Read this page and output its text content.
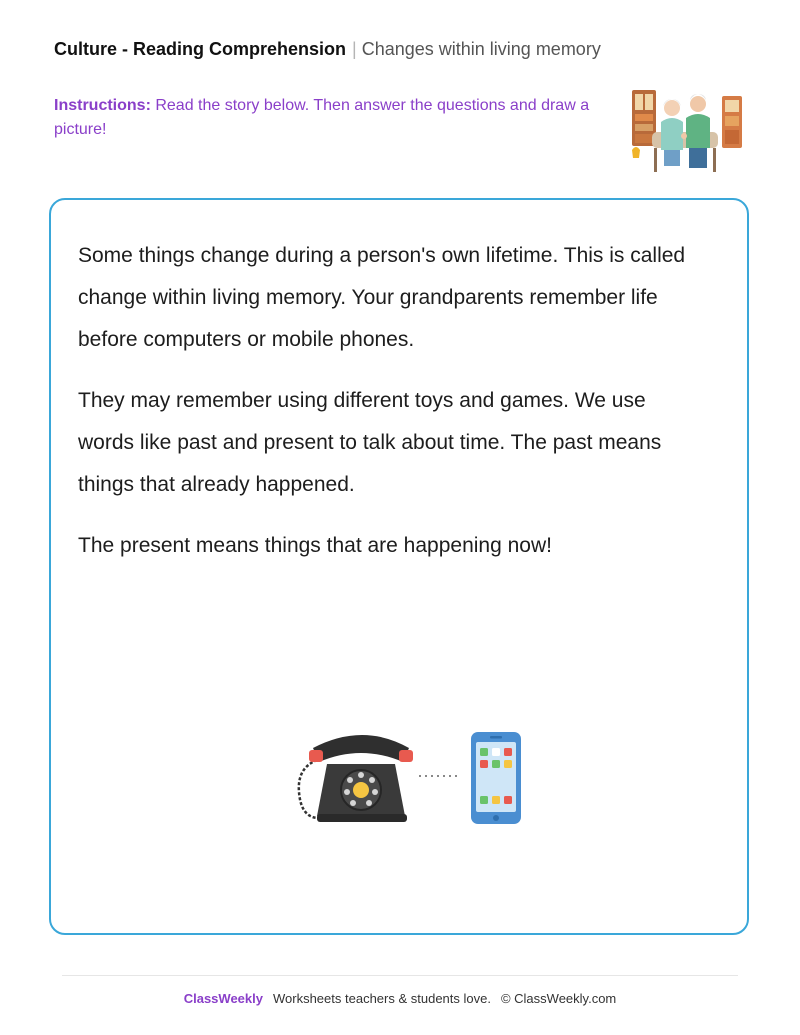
Culture - Reading Comprehension | Changes within living memory
Instructions: Read the story below. Then answer the questions and draw a picture!

Some things change during a person's own lifetime. This is called change within living memory. Your grandparents remember life before computers or mobile phones.

They may remember using different toys and games. We use words like past and present to talk about time. The past means things that already happened.

The present means things that are happening now!

ClassWeekly Worksheets teachers & students love. © ClassWeekly.com
